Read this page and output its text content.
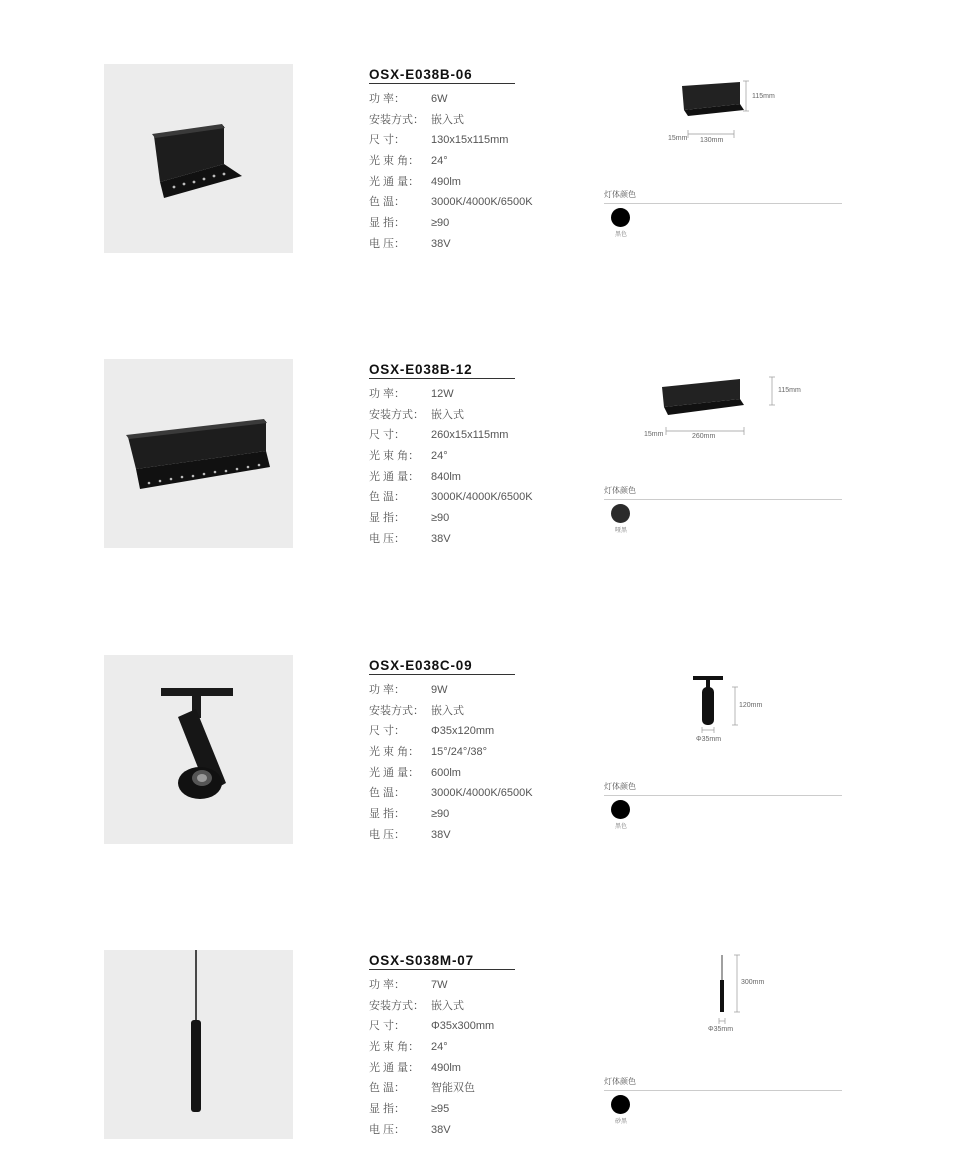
OSX-E038B-06
功 率：	6W
安装方式： 嵌入式
尺 寸：	130x15x115mm
光 束 角：	24°
光 通 量：	490lm
色 温：	3000K/4000K/6500K
显 指：	≥90
电 压：	38V
115mm
15mm 130mm
灯体颜色
黑色
OSX-E038B-12
功 率：	12W
安装方式： 嵌入式
尺 寸：	260x15x115mm
光 束 角：	24°
光 通 量：	840lm
色 温：	3000K/4000K/6500K
显 指：	≥90
电 压：	38V
115mm
15mm	260mm
灯体颜色
哑黑
OSX-E038C-09
功 率：	9W
安装方式： 嵌入式
尺 寸：	Φ35x120mm
光 束 角：	15°/24°/38°
光 通 量：	600lm
色 温：	3000K/4000K/6500K
显 指：	≥90
电 压：	38V
120mm
Φ35mm
灯体颜色
黑色
OSX-S038M-07
功 率：	7W
安装方式： 嵌入式
尺 寸：	Φ35x300mm
光 束 角：	24°
光 通 量：	490lm
色 温：	智能双色
显 指：	≥95
电 压：	38V
300mm
Φ35mm
灯体颜色
砂黑
